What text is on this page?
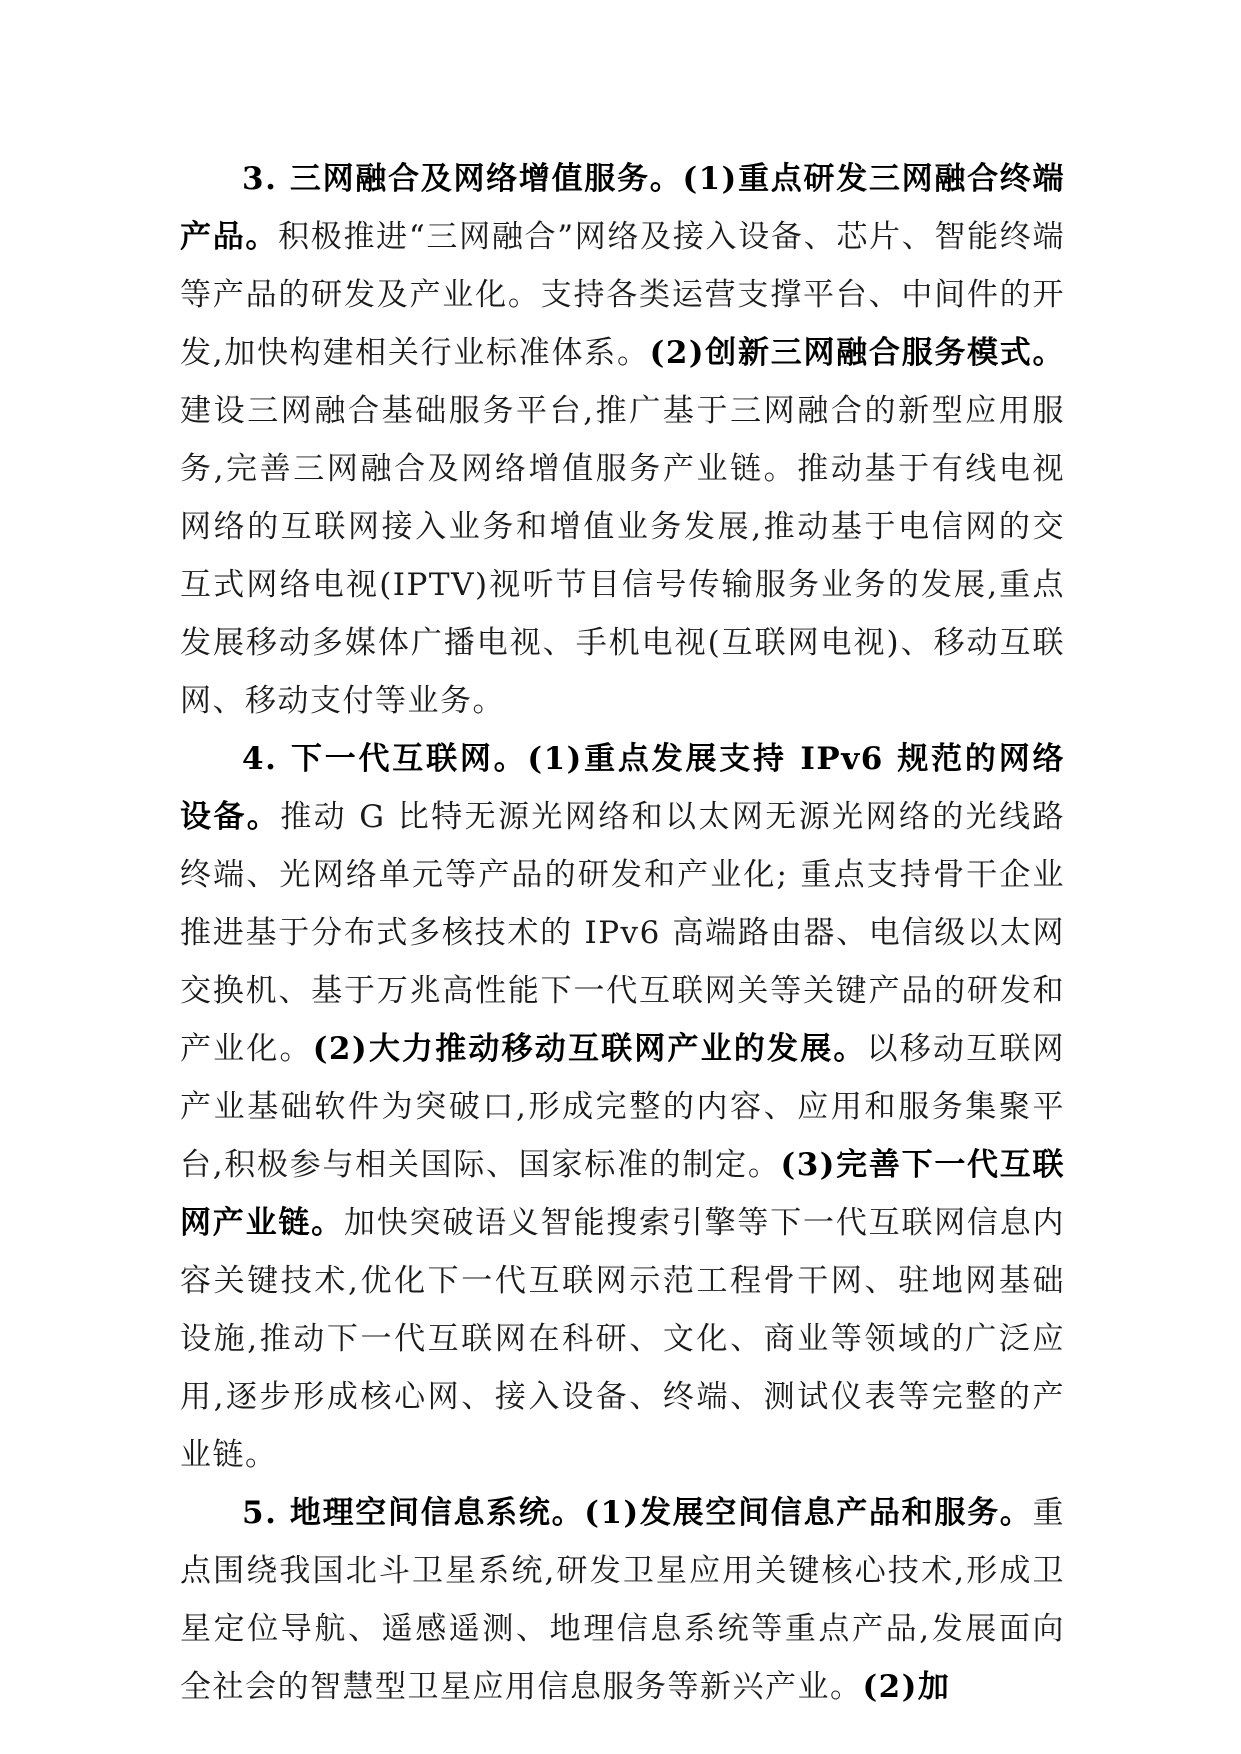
3. 三网融合及网络增值服务。(1)重点研发三网融合终端产品。积极推进“三网融合”网络及接入设备、芯片、智能终端等产品的研发及产业化。支持各类运营支撑平台、中间件的开发,加快构建相关行业标准体系。(2)创新三网融合服务模式。建设三网融合基础服务平台,推广基于三网融合的新型应用服务,完善三网融合及网络增值服务产业链。推动基于有线电视网络的互联网接入业务和增值业务发展,推动基于电信网的交互式网络电视(IPTV)视听节目信号传输服务业务的发展,重点发展移动多媒体广播电视、手机电视(互联网电视)、移动互联网、移动支付等业务。

4. 下一代互联网。(1)重点发展支持 IPv6 规范的网络设备。推动 G 比特无源光网络和以太网无源光网络的光线路终端、光网络单元等产品的研发和产业化; 重点支持骨干企业推进基于分布式多核技术的 IPv6 高端路由器、电信级以太网交换机、基于万兆高性能下一代互联网关等关键产品的研发和产业化。(2)大力推动移动互联网产业的发展。以移动互联网产业基础软件为突破口,形成完整的内容、应用和服务集聚平台,积极参与相关国际、国家标准的制定。(3)完善下一代互联网产业链。加快突破语义智能搜索引擎等下一代互联网信息内容关键技术,优化下一代互联网示范工程骨干网、驻地网基础设施,推动下一代互联网在科研、文化、商业等领域的广泛应用,逐步形成核心网、接入设备、终端、测试仪表等完整的产业链。

5. 地理空间信息系统。(1)发展空间信息产品和服务。重点围绕我国北斗卫星系统,研发卫星应用关键核心技术,形成卫星定位导航、遥感遥测、地理信息系统等重点产品,发展面向全社会的智慧型卫星应用信息服务等新兴产业。(2)加
